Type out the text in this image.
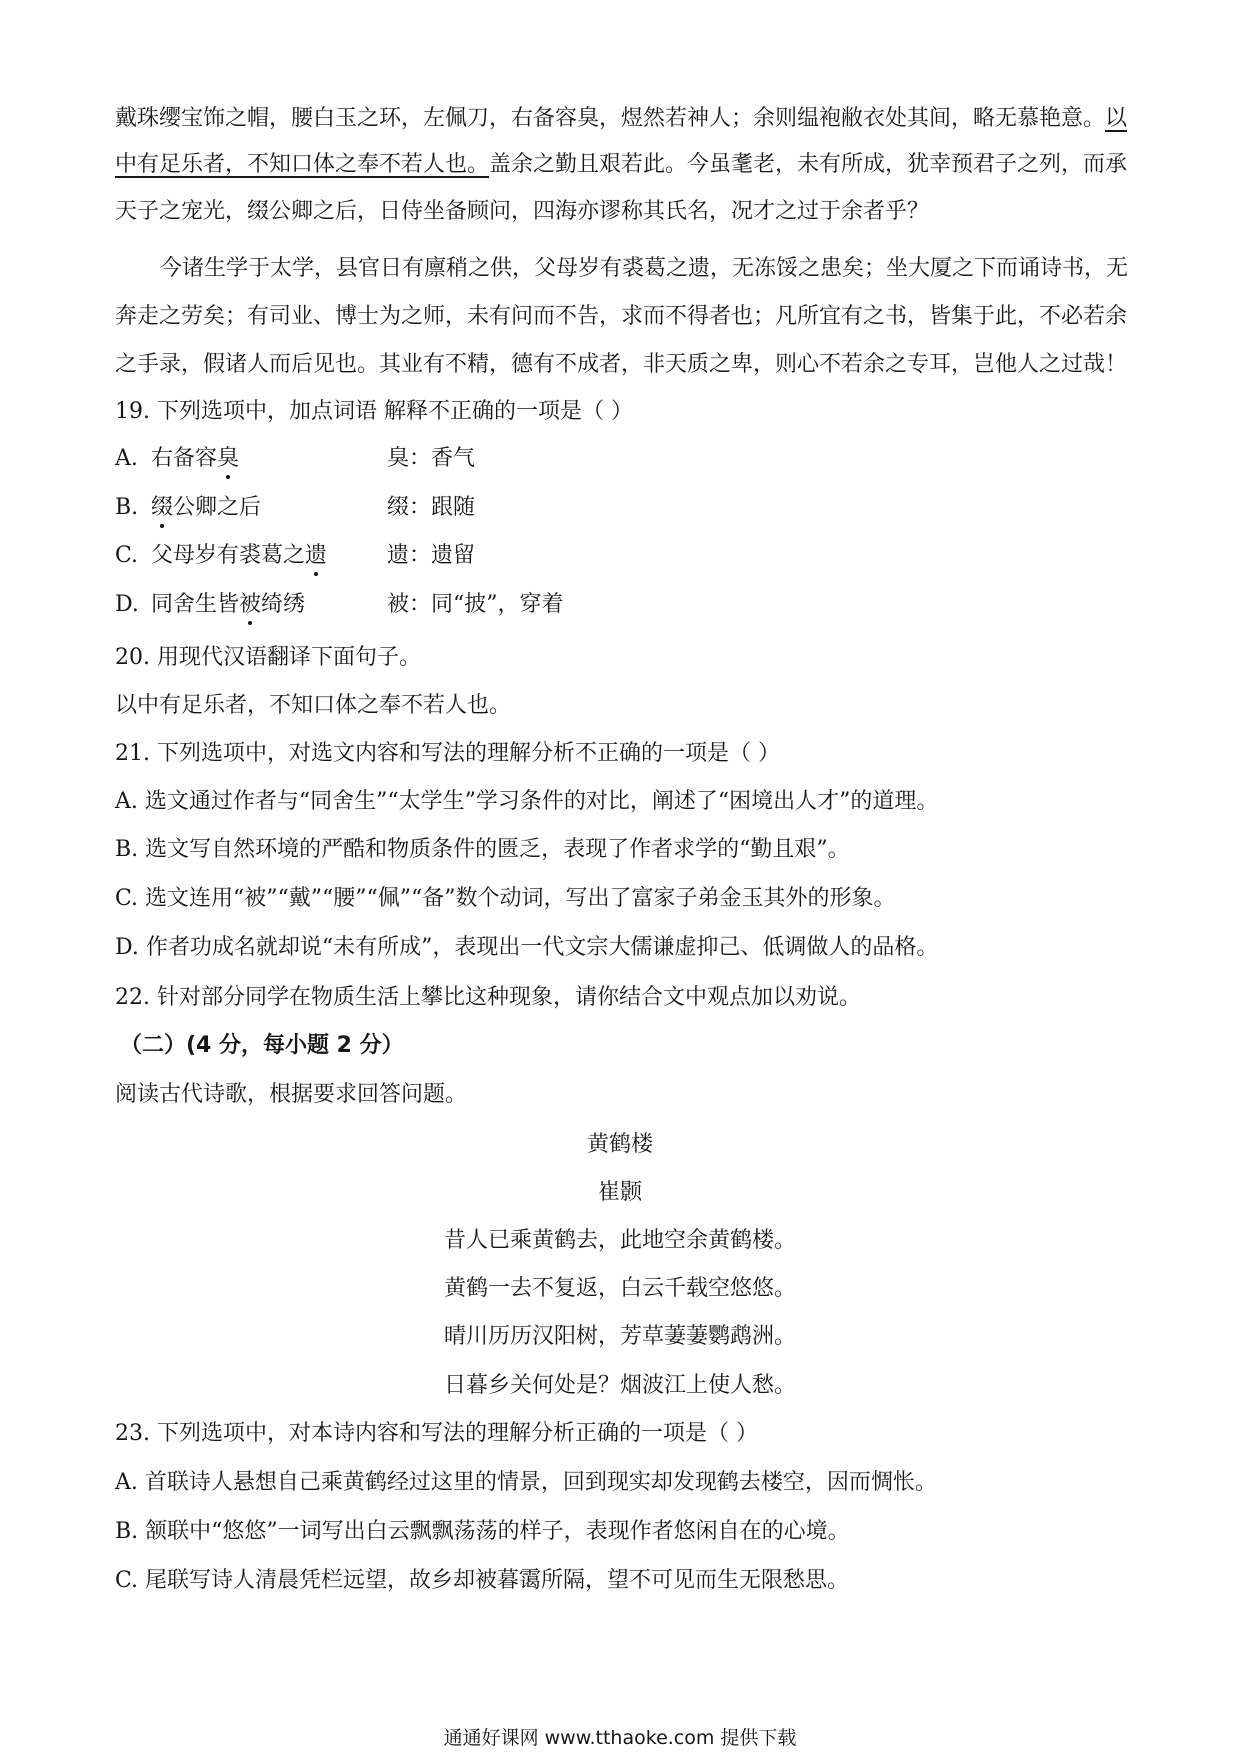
戴珠缨宝饰之帽，腰白玉之环，左佩刀，右备容臭，煜然若神人；余则缊袍敝衣处其间，略无慕艳意。以
中有足乐者，不知口体之奉不若人也。盖余之勤且艰若此。今虽耄老，未有所成，犹幸预君子之列，而承
天子之宠光，缀公卿之后，日侍坐备顾问，四海亦谬称其氏名，况才之过于余者乎？
今诸生学于太学，县官日有廪稍之供，父母岁有裘葛之遗，无冻馁之患矣；坐大厦之下而诵诗书，无
奔走之劳矣；有司业、博士为之师，未有问而不告，求而不得者也；凡所宜有之书，皆集于此，不必若余
之手录，假诸人而后见也。其业有不精，德有不成者，非天质之卑，则心不若余之专耳，岂他人之过哉！
19. 下列选项中，加点词语 解释不正确的一项是（ ）
A. 右备容臭	臭：香气
B. 缀公卿之后	缀：跟随
C. 父母岁有裘葛之遗	遗：遗留
D. 同舍生皆被绮绣	被：同“披”，穿着
20. 用现代汉语翻译下面句子。
以中有足乐者，不知口体之奉不若人也。
21. 下列选项中，对选文内容和写法的理解分析不正确的一项是（ ）
A. 选文通过作者与“同舍生”“太学生”学习条件的对比，阐述了“困境出人才”的道理。
B. 选文写自然环境的严酷和物质条件的匮乏，表现了作者求学的“勤且艰”。
C. 选文连用“被”“戴”“腰”“佩”“备”数个动词，写出了富家子弟金玉其外的形象。
D. 作者功成名就却说“未有所成”，表现出一代文宗大儒谦虚抑己、低调做人的品格。
22. 针对部分同学在物质生活上攀比这种现象，请你结合文中观点加以劝说。
（二）(4 分，每小题 2 分）
阅读古代诗歌，根据要求回答问题。
黄鹤楼
崔颢
昔人已乘黄鹤去，此地空余黄鹤楼。
黄鹤一去不复返，白云千载空悠悠。
晴川历历汉阳树，芳草萋萋鹦鹉洲。
日暮乡关何处是？烟波江上使人愁。
23. 下列选项中，对本诗内容和写法的理解分析正确的一项是（ ）
A. 首联诗人悬想自己乘黄鹤经过这里的情景，回到现实却发现鹤去楼空，因而惆怅。
B. 颔联中“悠悠”一词写出白云飘飘荡荡的样子，表现作者悠闲自在的心境。
C. 尾联写诗人清晨凭栏远望，故乡却被暮霭所隔，望不可见而生无限愁思。
通通好课网 www.tthaoke.com 提供下载
